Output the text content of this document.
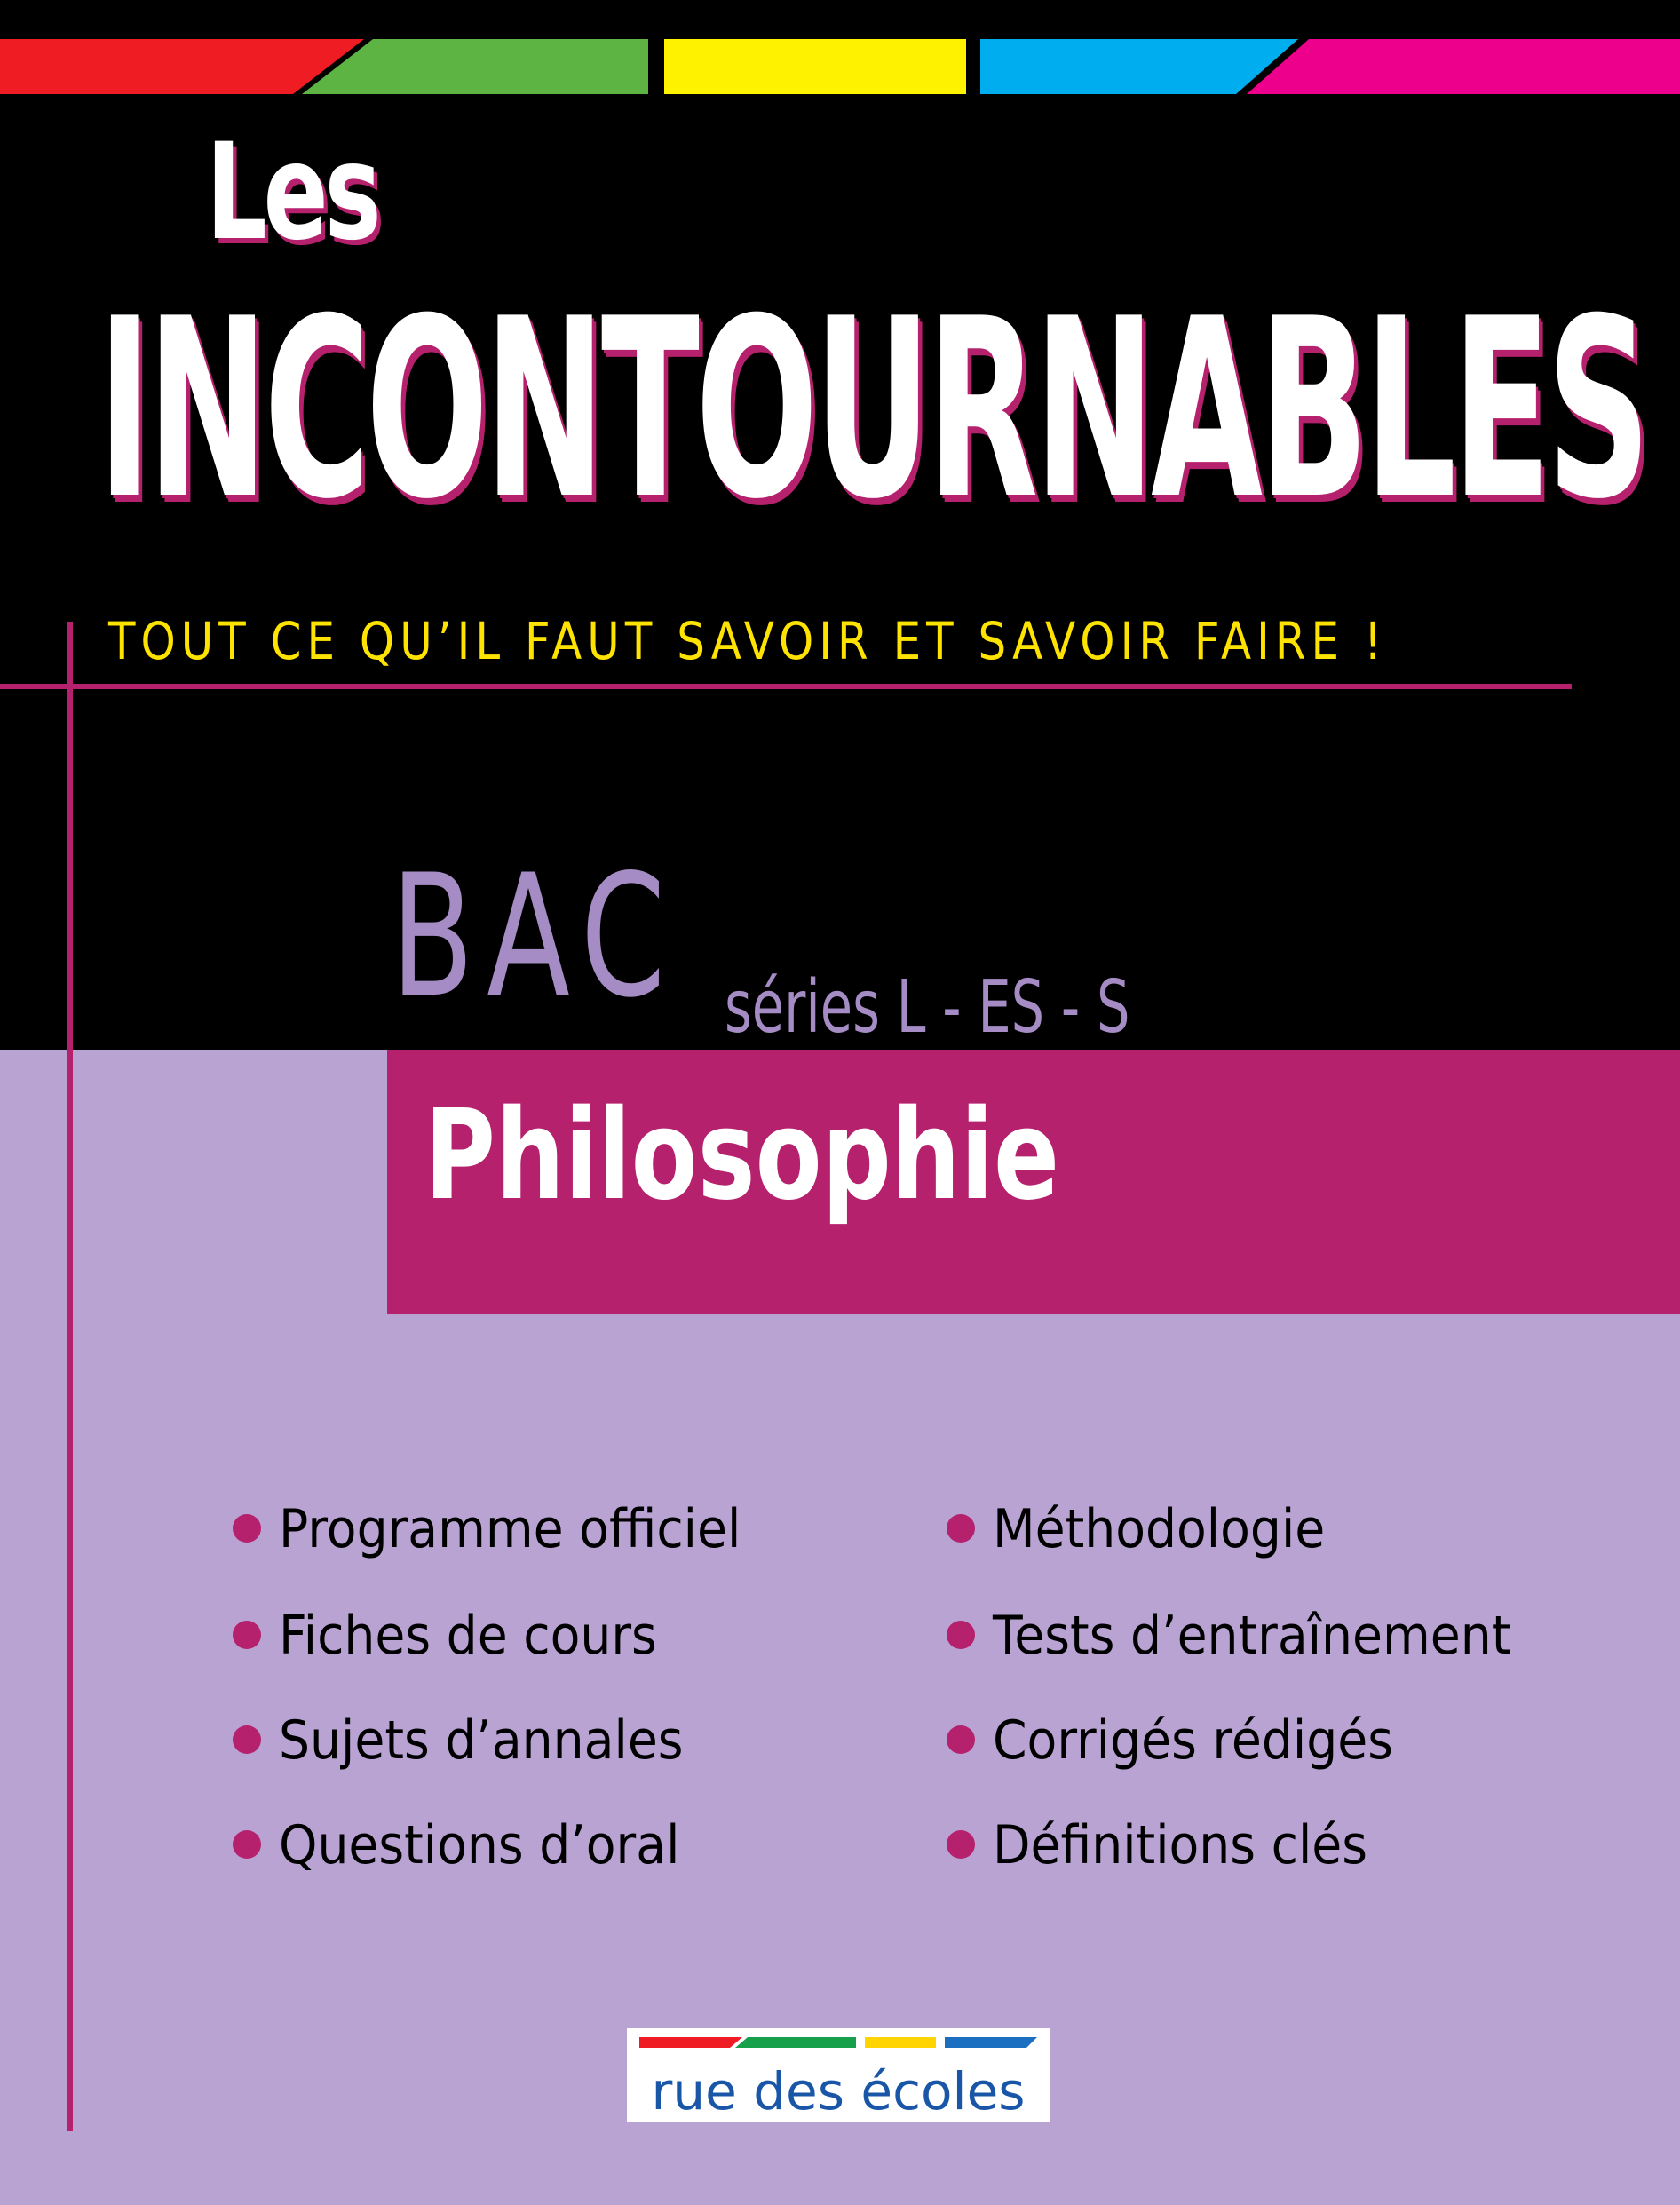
Les
INCONTOURNABLES
TOUT CE QU’IL FAUT SAVOIR ET SAVOIR FAIRE !
BAC séries L - ES - S
Philosophie
Programme officiel
Fiches de cours
Sujets d’annales
Questions d’oral
Méthodologie
Tests d’entraînement
Corrigés rédigés
Définitions clés
rue des écoles
